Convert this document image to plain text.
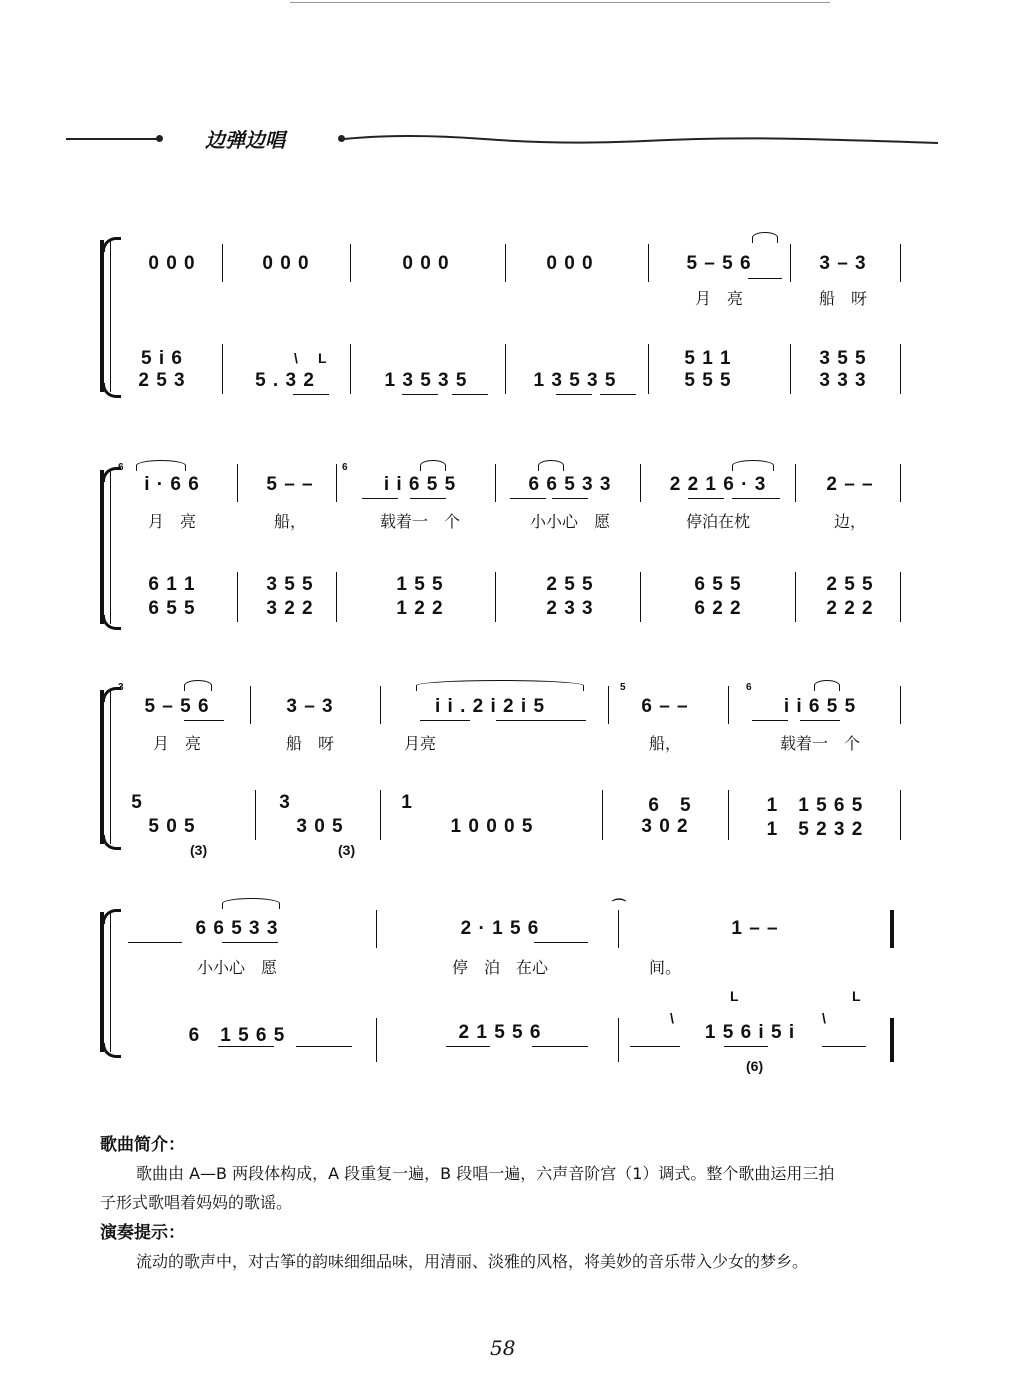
边弹边唱
0 0 0	0 0 0	0 0 0	0 0 0	5 – 5 6	3 – 3
月　亮	船　呀
5 i 6	5 1 1	3 5 5
\ L
2 5 3	5 . 3 2	1 3 5 3 5	1 3 5 3 5	5 5 5	3 3 3
6	6
i · 6 6	5 – –	i i 6 5 5	6 6 5 3 3	2 2 1 6 · 3	2 – –
月　亮	船，	载着一　个	小小心　愿	停泊在枕	边，
6 1 1	3 5 5	1 5 5	2 5 5	6 5 5	2 5 5
6 5 5	3 2 2	1 2 2	2 3 3	6 2 2	2 2 2
3	5	6
5 – 5 6	3 – 3	i i . 2 i 2 i 5	6 – –	i i 6 5 5
月　亮	船　呀	月亮	船，	载着一　个
5	3	1	6　5	1　1 5 6 5
5 0 5	3 0 5	1 0 0 0 5	3 0 2	1　5 2 3 2
(3)	(3)
⌒
6 6 5 3 3	2 · 1 5 6	1 – –
小小心　愿	停　泊　在心	间。
\
L
\
L
6　1 5 6 5	2 1 5 5 6	1 5 6 i 5 i
(6)
歌曲简介：
歌曲由 A—B 两段体构成，A 段重复一遍，B 段唱一遍，六声音阶宫（1）调式。整个歌曲运用三拍
子形式歌唱着妈妈的歌谣。
演奏提示：
流动的歌声中，对古筝的韵味细细品味，用清丽、淡雅的风格，将美妙的音乐带入少女的梦乡。
58
